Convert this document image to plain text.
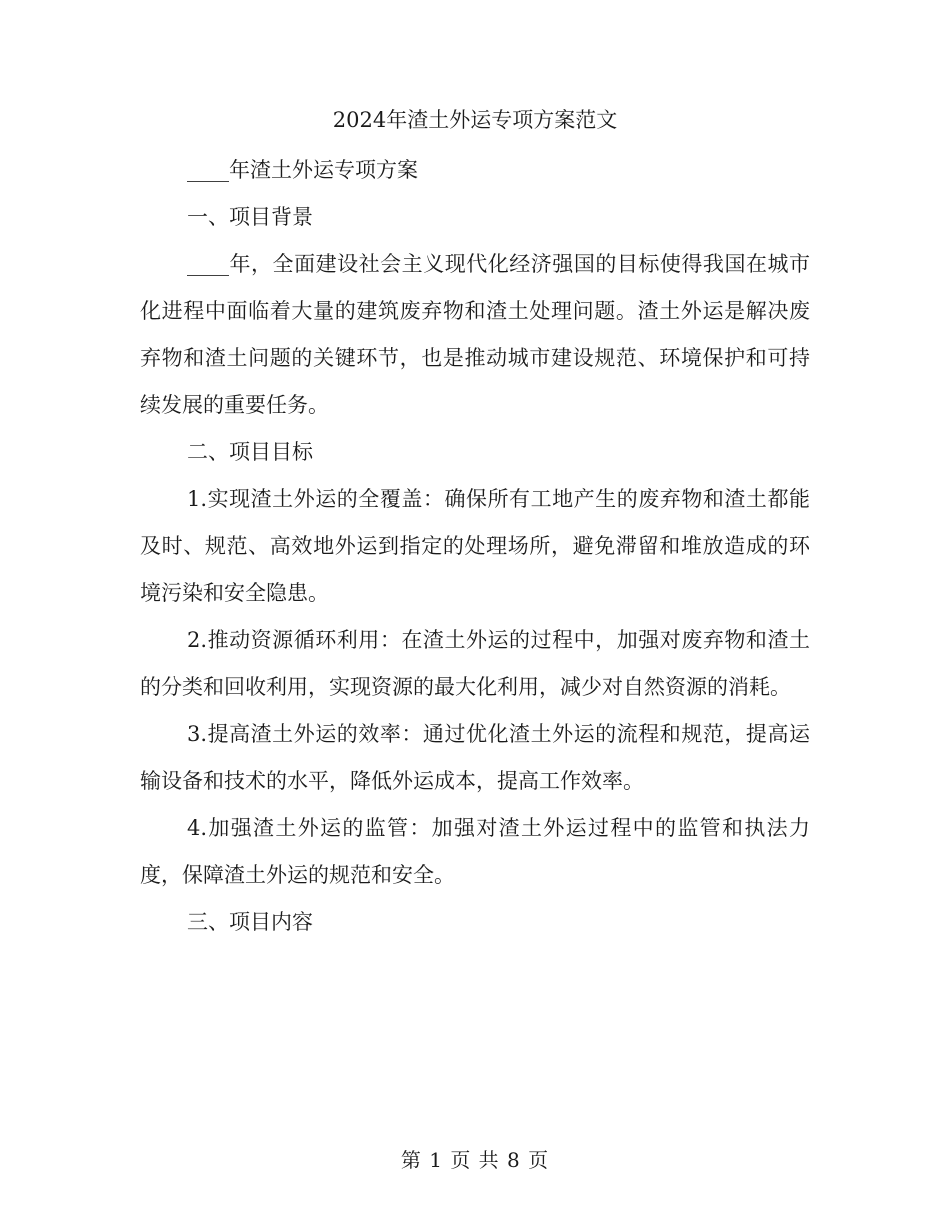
2024年渣土外运专项方案范文

____年渣土外运专项方案

一、项目背景

____年，全面建设社会主义现代化经济强国的目标使得我国在城市化进程中面临着大量的建筑废弃物和渣土处理问题。渣土外运是解决废弃物和渣土问题的关键环节，也是推动城市建设规范、环境保护和可持续发展的重要任务。

二、项目目标

1.实现渣土外运的全覆盖：确保所有工地产生的废弃物和渣土都能及时、规范、高效地外运到指定的处理场所，避免滞留和堆放造成的环境污染和安全隐患。

2.推动资源循环利用：在渣土外运的过程中，加强对废弃物和渣土的分类和回收利用，实现资源的最大化利用，减少对自然资源的消耗。

3.提高渣土外运的效率：通过优化渣土外运的流程和规范，提高运输设备和技术的水平，降低外运成本，提高工作效率。

4.加强渣土外运的监管：加强对渣土外运过程中的监管和执法力度，保障渣土外运的规范和安全。

三、项目内容

第 1 页 共 8 页
